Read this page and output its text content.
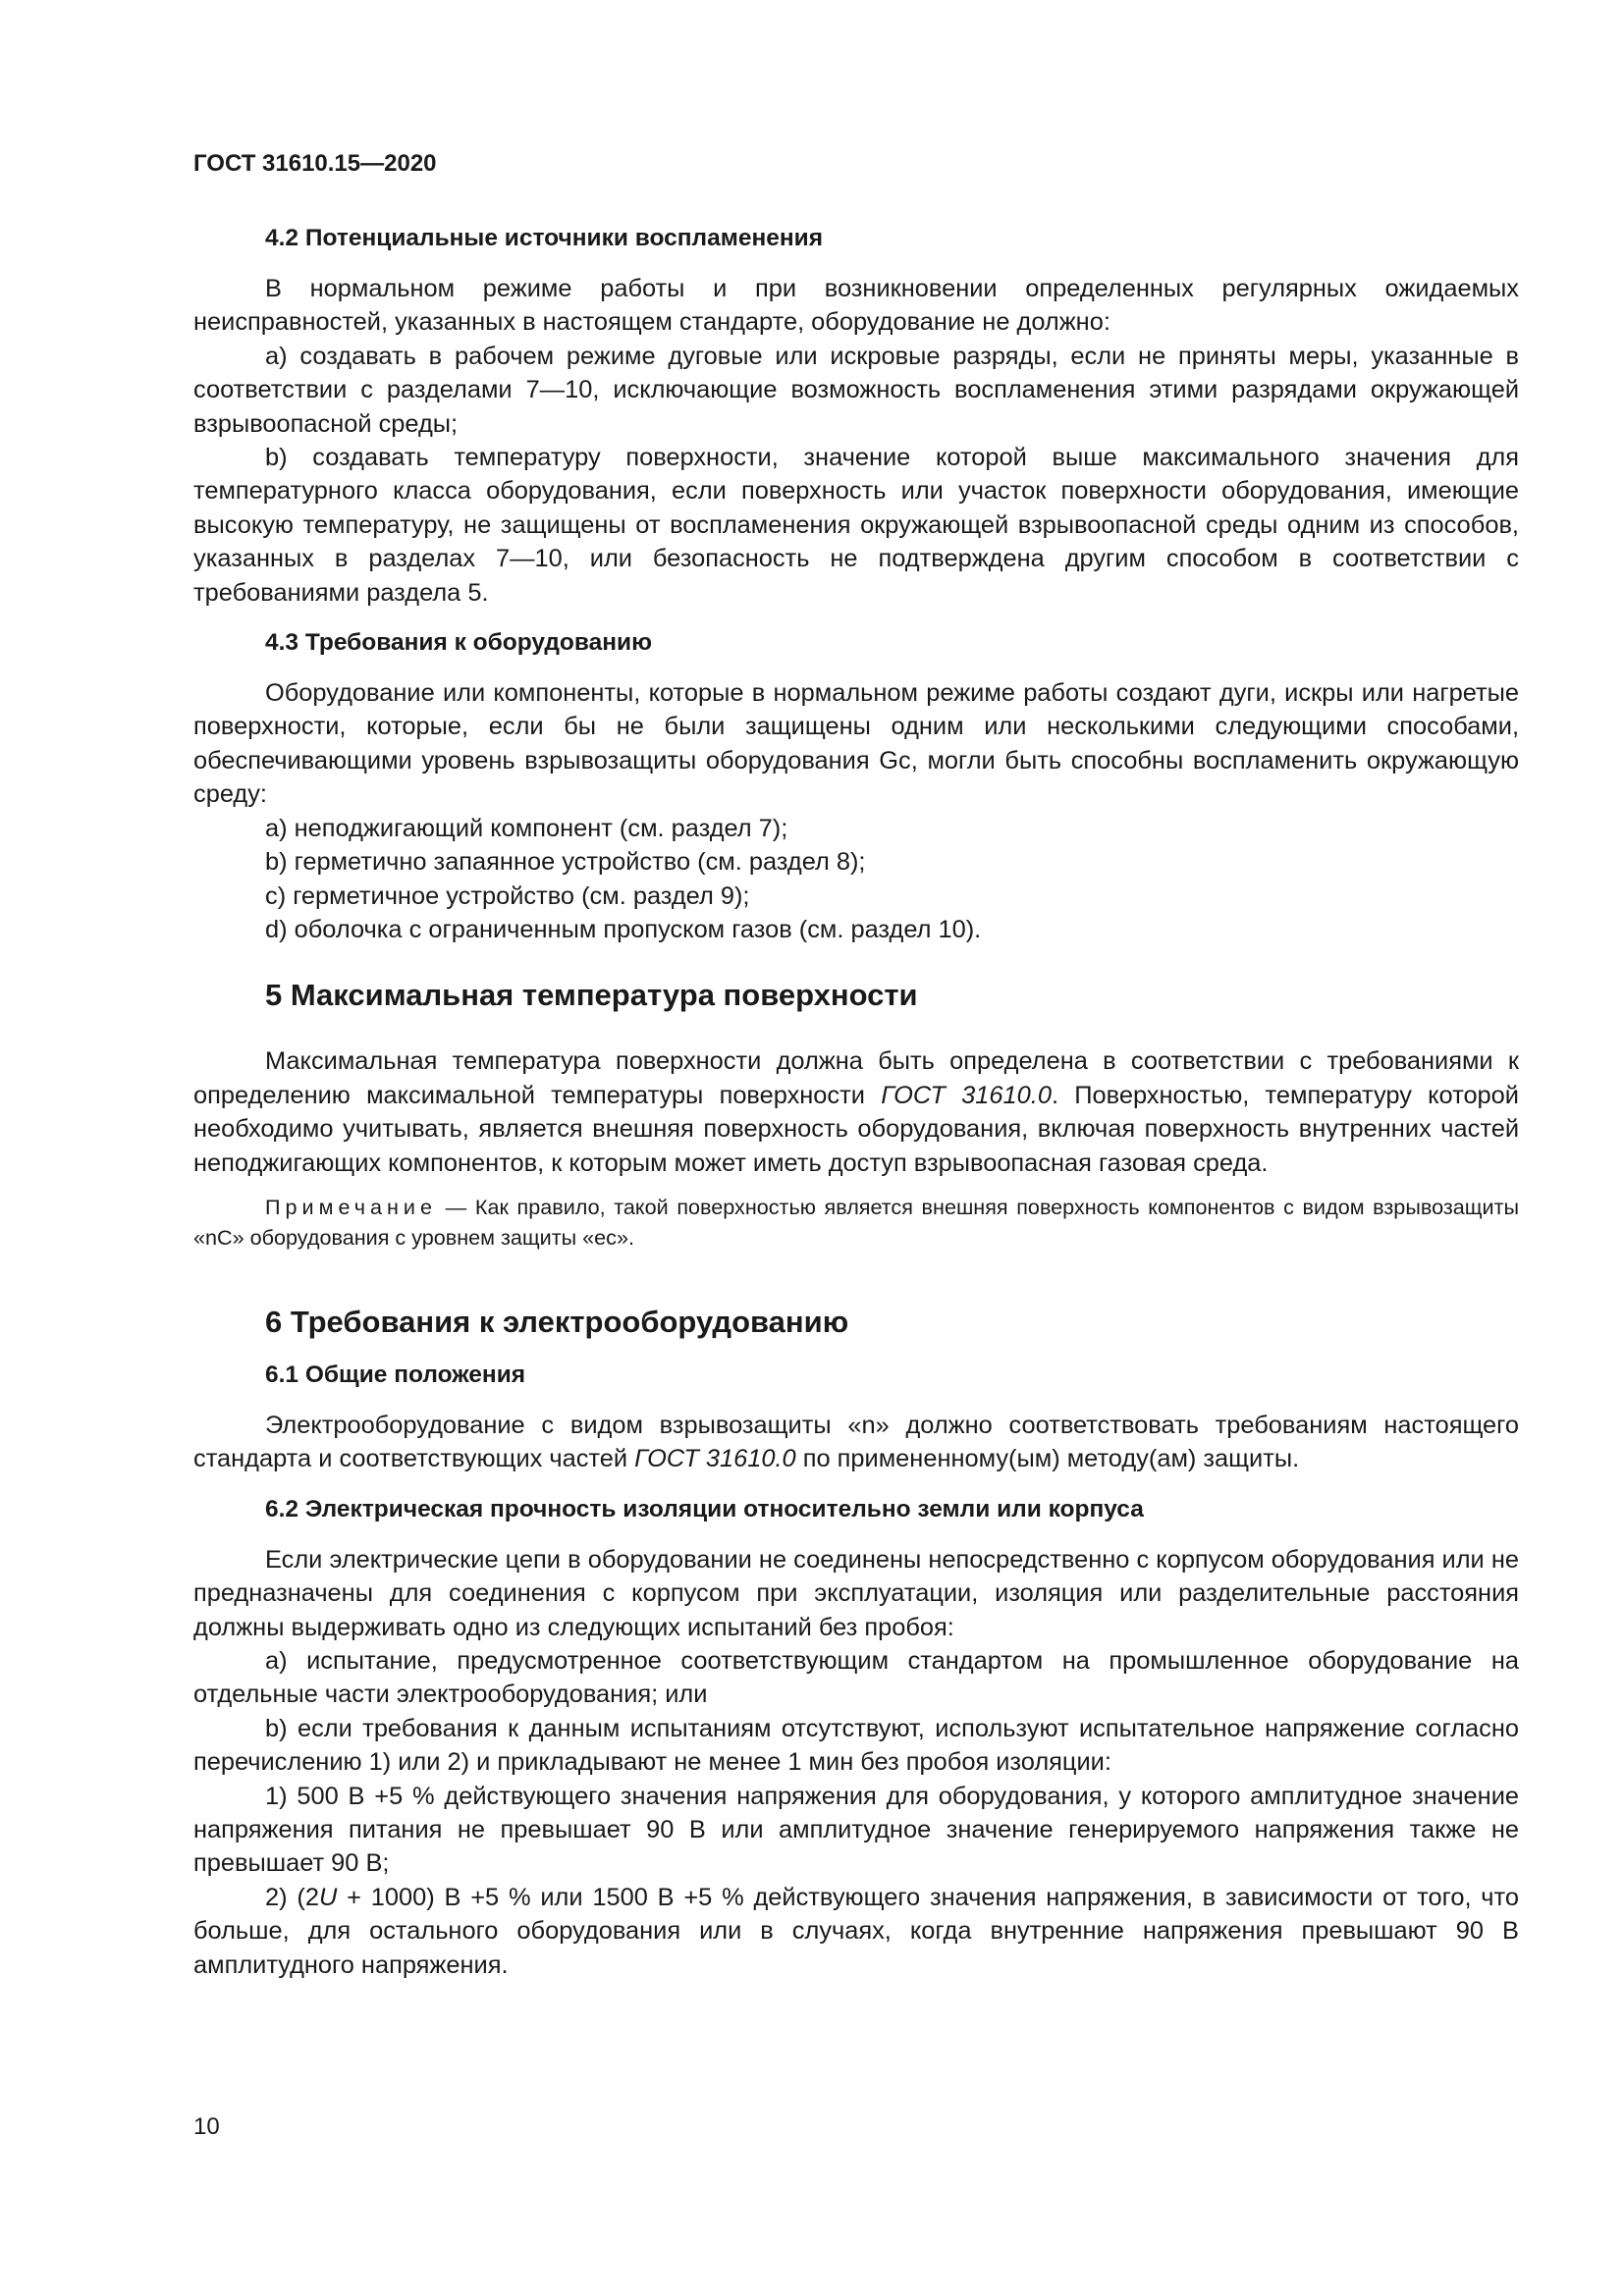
ГОСТ 31610.15—2020
4.2 Потенциальные источники воспламенения

В нормальном режиме работы и при возникновении определенных регулярных ожидаемых неисправностей, указанных в настоящем стандарте, оборудование не должно:

a) создавать в рабочем режиме дуговые или искровые разряды, если не приняты меры, указанные в соответствии с разделами 7—10, исключающие возможность воспламенения этими разрядами окружающей взрывоопасной среды;

b) создавать температуру поверхности, значение которой выше максимального значения для температурного класса оборудования, если поверхность или участок поверхности оборудования, имеющие высокую температуру, не защищены от воспламенения окружающей взрывоопасной среды одним из способов, указанных в разделах 7—10, или безопасность не подтверждена другим способом в соответствии с требованиями раздела 5.

4.3 Требования к оборудованию

Оборудование или компоненты, которые в нормальном режиме работы создают дуги, искры или нагретые поверхности, которые, если бы не были защищены одним или несколькими следующими способами, обеспечивающими уровень взрывозащиты оборудования Gc, могли быть способны воспламенить окружающую среду:

a) неподжигающий компонент (см. раздел 7);

b) герметично запаянное устройство (см. раздел 8);

c) герметичное устройство (см. раздел 9);

d) оболочка с ограниченным пропуском газов (см. раздел 10).

5 Максимальная температура поверхности

Максимальная температура поверхности должна быть определена в соответствии с требованиями к определению максимальной температуры поверхности ГОСТ 31610.0. Поверхностью, температуру которой необходимо учитывать, является внешняя поверхность оборудования, включая поверхность внутренних частей неподжигающих компонентов, к которым может иметь доступ взрывоопасная газовая среда.

Примечание — Как правило, такой поверхностью является внешняя поверхность компонентов с видом взрывозащиты «nC» оборудования с уровнем защиты «ec».

6 Требования к электрооборудованию
6.1 Общие положения

Электрооборудование с видом взрывозащиты «n» должно соответствовать требованиям настоящего стандарта и соответствующих частей ГОСТ 31610.0 по примененному(ым) методу(ам) защиты.

6.2 Электрическая прочность изоляции относительно земли или корпуса

Если электрические цепи в оборудовании не соединены непосредственно с корпусом оборудования или не предназначены для соединения с корпусом при эксплуатации, изоляция или разделительные расстояния должны выдерживать одно из следующих испытаний без пробоя:

a) испытание, предусмотренное соответствующим стандартом на промышленное оборудование на отдельные части электрооборудования; или

b) если требования к данным испытаниям отсутствуют, используют испытательное напряжение согласно перечислению 1) или 2) и прикладывают не менее 1 мин без пробоя изоляции:

1) 500 В +5 % действующего значения напряжения для оборудования, у которого амплитудное значение напряжения питания не превышает 90 В или амплитудное значение генерируемого напряжения также не превышает 90 В;

2) (2U + 1000) В +5 % или 1500 В +5 % действующего значения напряжения, в зависимости от того, что больше, для остального оборудования или в случаях, когда внутренние напряжения превышают 90 В амплитудного напряжения.

10
